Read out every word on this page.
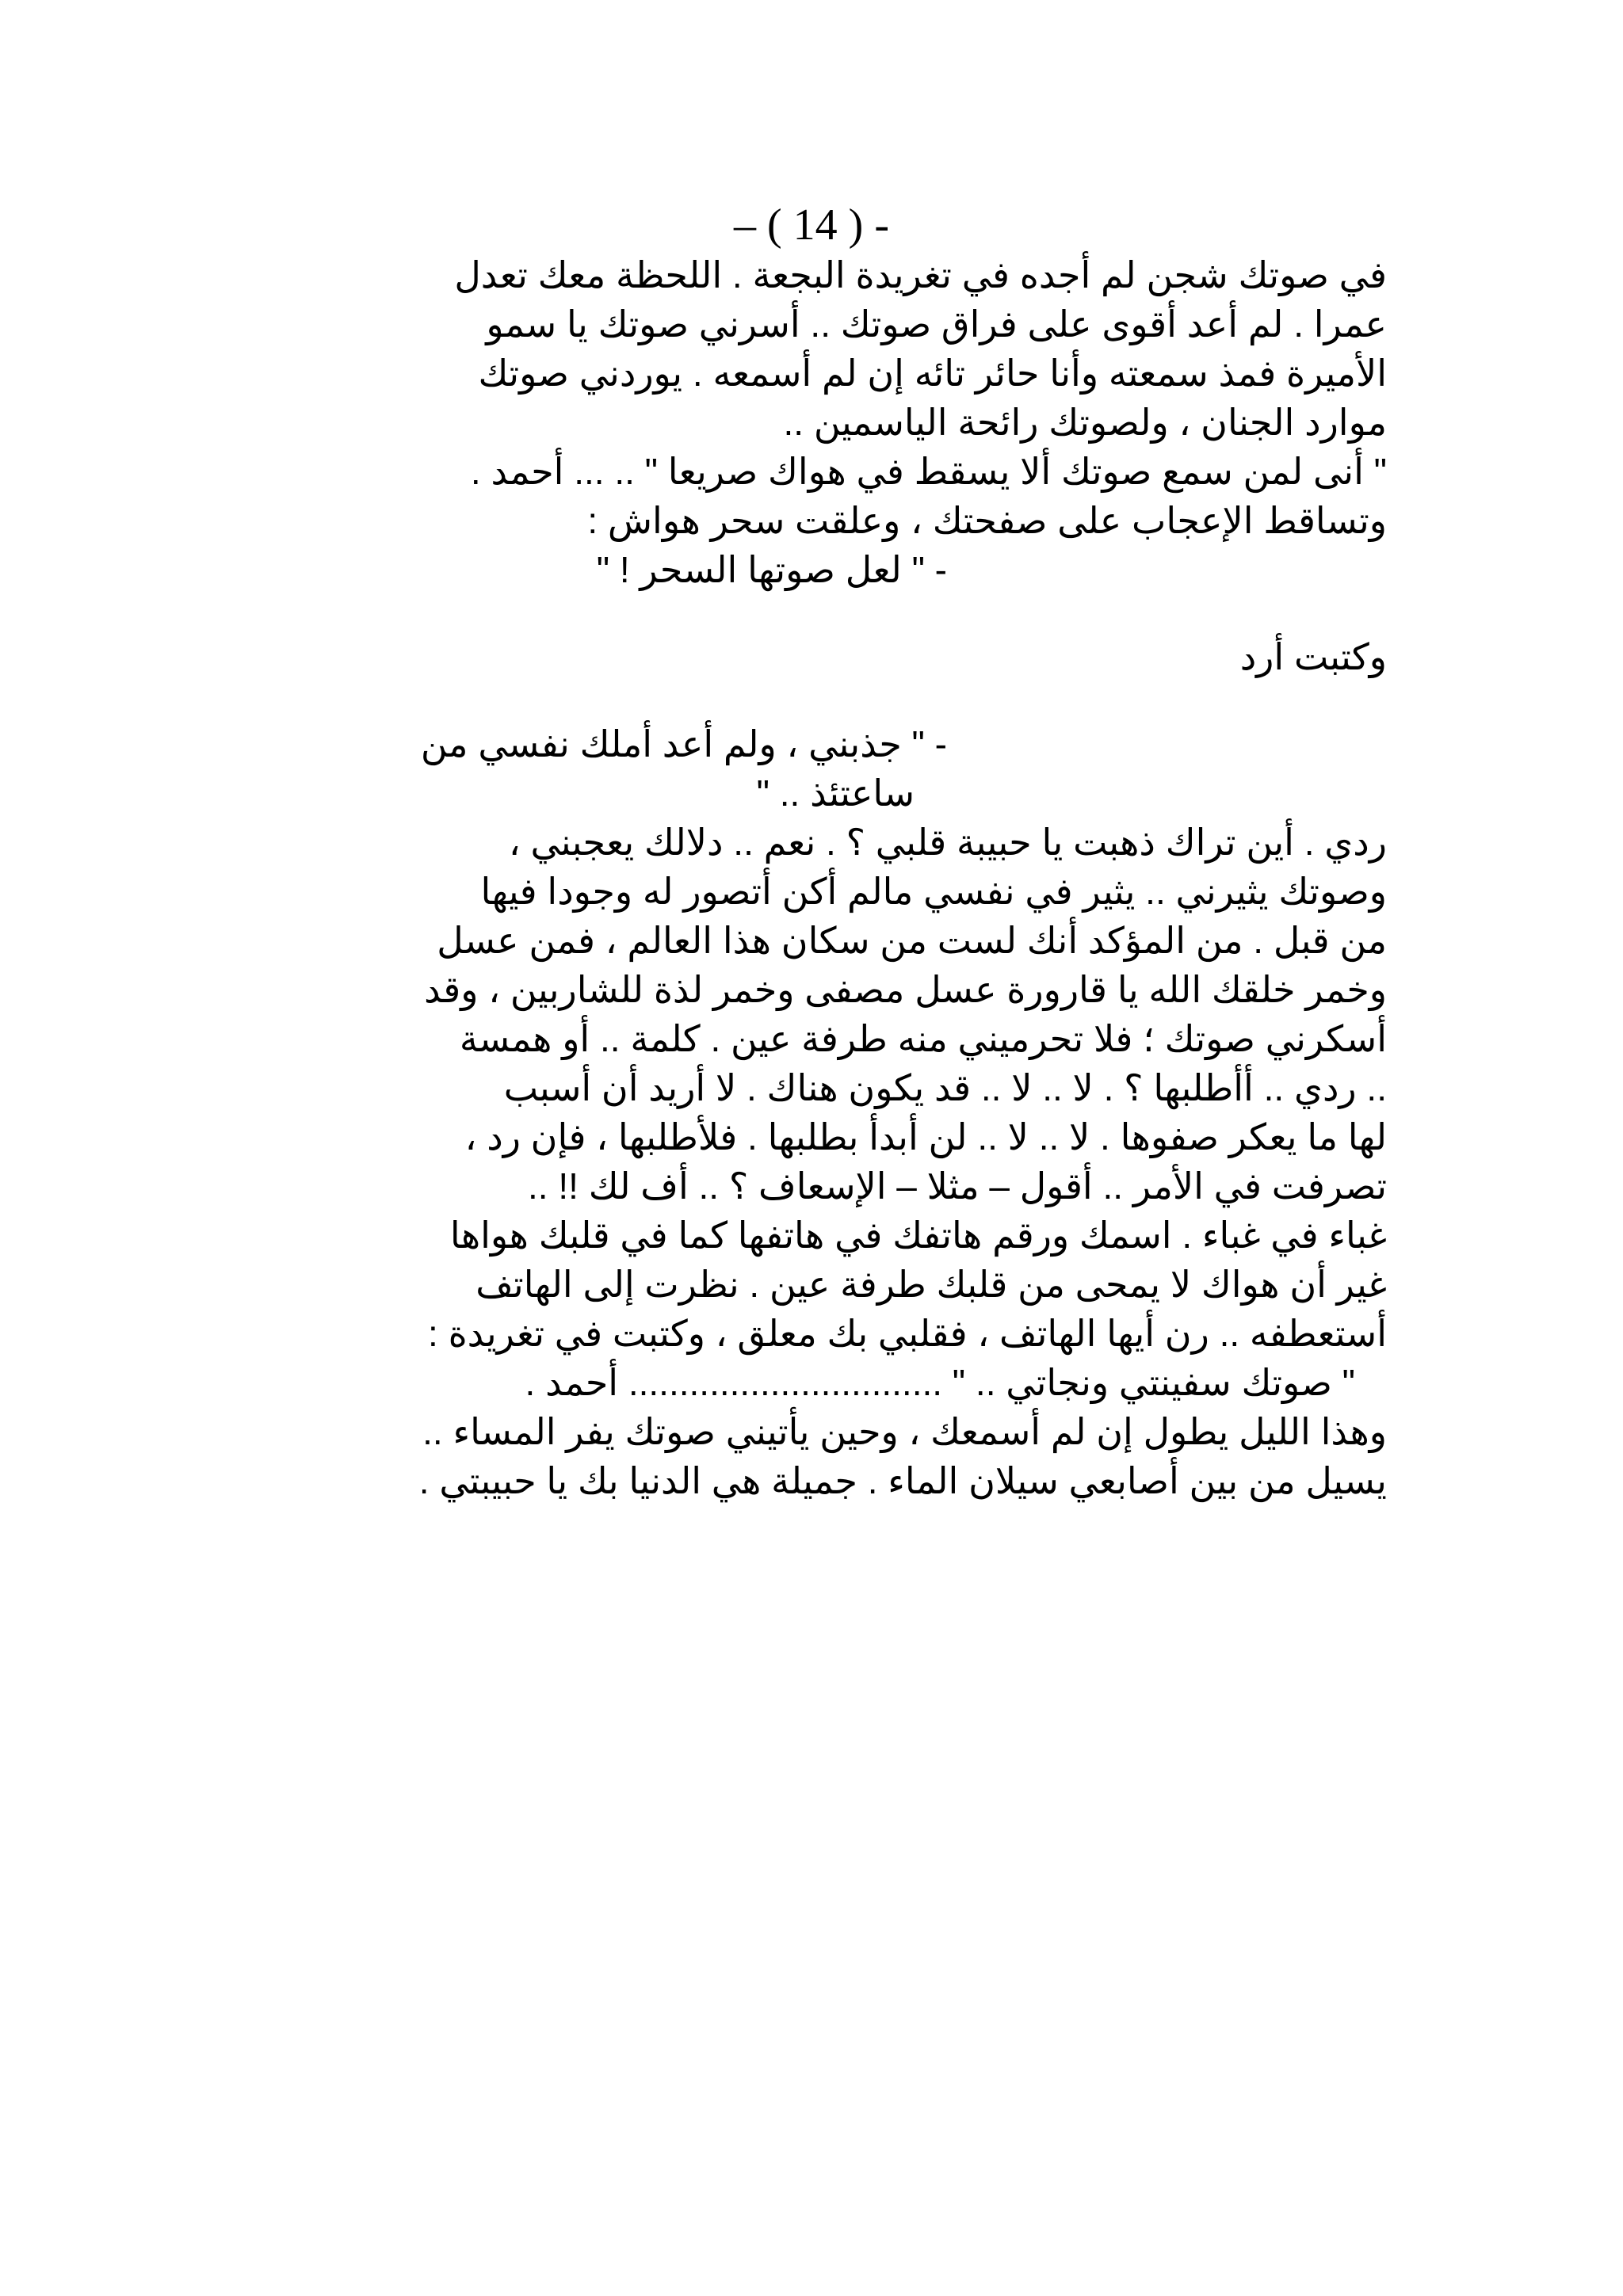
– ( 14 ) -
في صوتك شجن لم أجده في تغريدة البجعة . اللحظة معك تعدل
عمرا . لم أعد أقوى على فراق صوتك .. أسرني صوتك يا سمو
الأميرة فمذ سمعته وأنا حائر تائه إن لم أسمعه . يوردني صوتك
موارد الجنان ، ولصوتك رائحة الياسمين ..
" أنى لمن سمع صوتك ألا يسقط في هواك صريعا " .. ... أحمد .
وتساقط الإعجاب على صفحتك ، وعلقت سحر هواش :
- " لعل صوتها السحر ! "
وكتبت أرد
- " جذبني ، ولم أعد أملك نفسي من
ساعتئذ .. "
ردي . أين تراك ذهبت يا حبيبة قلبي ؟ . نعم .. دلالك يعجبني ،
وصوتك يثيرني .. يثير في نفسي مالم أكن أتصور له وجودا فيها
من قبل . من المؤكد أنك لست من سكان هذا العالم ، فمن عسل
وخمر خلقك الله يا قارورة عسل مصفى وخمر لذة للشاربين ، وقد
أسكرني صوتك ؛ فلا تحرميني منه طرفة عين . كلمة .. أو همسة
.. ردي .. أأطلبها ؟ . لا .. لا .. قد يكون هناك . لا أريد أن أسبب
لها ما يعكر صفوها . لا .. لا .. لن أبدأ بطلبها . فلأطلبها ، فإن رد ،
تصرفت في الأمر .. أقول – مثلا – الإسعاف ؟ .. أف لك !! ..
غباء في غباء . اسمك ورقم هاتفك في هاتفها كما في قلبك هواها
غير أن هواك لا يمحى من قلبك طرفة عين . نظرت إلى الهاتف
أستعطفه .. رن أيها الهاتف ، فقلبي بك معلق ، وكتبت في تغريدة :
" صوتك سفينتي ونجاتي .. " ............................... أحمد .
وهذا الليل يطول إن لم أسمعك ، وحين يأتيني صوتك يفر المساء ..
يسيل من بين أصابعي سيلان الماء . جميلة هي الدنيا بك يا حبيبتي .
